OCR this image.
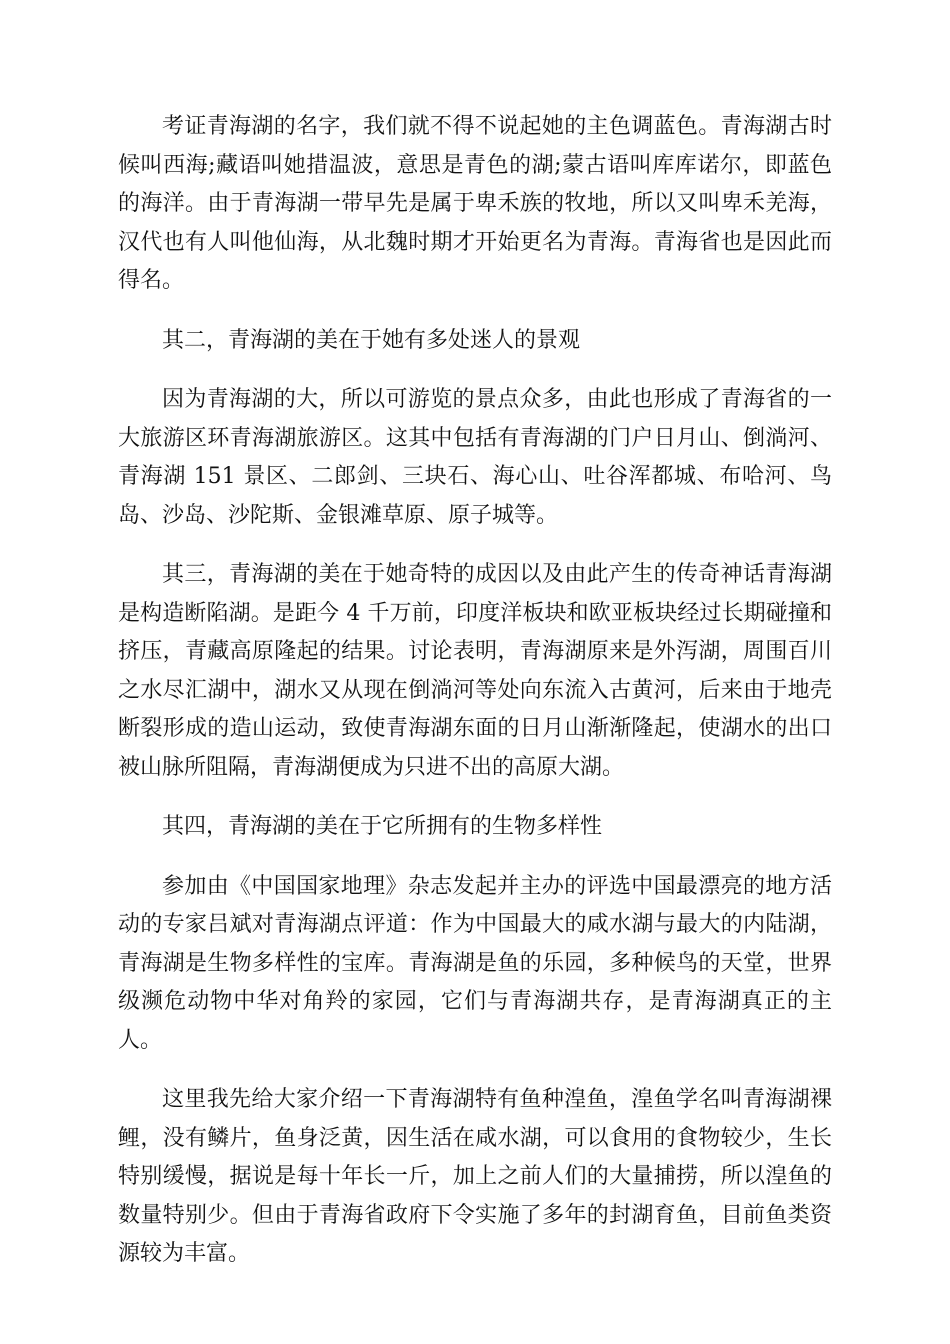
考证青海湖的名字，我们就不得不说起她的主色调蓝色。青海湖古时候叫西海;藏语叫她措温波，意思是青色的湖;蒙古语叫库库诺尔，即蓝色的海洋。由于青海湖一带早先是属于卑禾族的牧地，所以又叫卑禾羌海，汉代也有人叫他仙海，从北魏时期才开始更名为青海。青海省也是因此而得名。

其二，青海湖的美在于她有多处迷人的景观

因为青海湖的大，所以可游览的景点众多，由此也形成了青海省的一大旅游区环青海湖旅游区。这其中包括有青海湖的门户日月山、倒淌河、青海湖 151 景区、二郎剑、三块石、海心山、吐谷浑都城、布哈河、鸟岛、沙岛、沙陀斯、金银滩草原、原子城等。

其三，青海湖的美在于她奇特的成因以及由此产生的传奇神话青海湖是构造断陷湖。是距今 4 千万前，印度洋板块和欧亚板块经过长期碰撞和挤压，青藏高原隆起的结果。讨论表明，青海湖原来是外泻湖，周围百川之水尽汇湖中，湖水又从现在倒淌河等处向东流入古黄河，后来由于地壳断裂形成的造山运动，致使青海湖东面的日月山渐渐隆起，使湖水的出口被山脉所阻隔，青海湖便成为只进不出的高原大湖。

其四，青海湖的美在于它所拥有的生物多样性

参加由《中国国家地理》杂志发起并主办的评选中国最漂亮的地方活动的专家吕斌对青海湖点评道：作为中国最大的咸水湖与最大的内陆湖，青海湖是生物多样性的宝库。青海湖是鱼的乐园，多种候鸟的天堂，世界级濒危动物中华对角羚的家园，它们与青海湖共存，是青海湖真正的主人。

这里我先给大家介绍一下青海湖特有鱼种湟鱼，湟鱼学名叫青海湖裸鲤，没有鳞片，鱼身泛黄，因生活在咸水湖，可以食用的食物较少，生长特别缓慢，据说是每十年长一斤，加上之前人们的大量捕捞，所以湟鱼的数量特别少。但由于青海省政府下令实施了多年的封湖育鱼，目前鱼类资源较为丰富。
